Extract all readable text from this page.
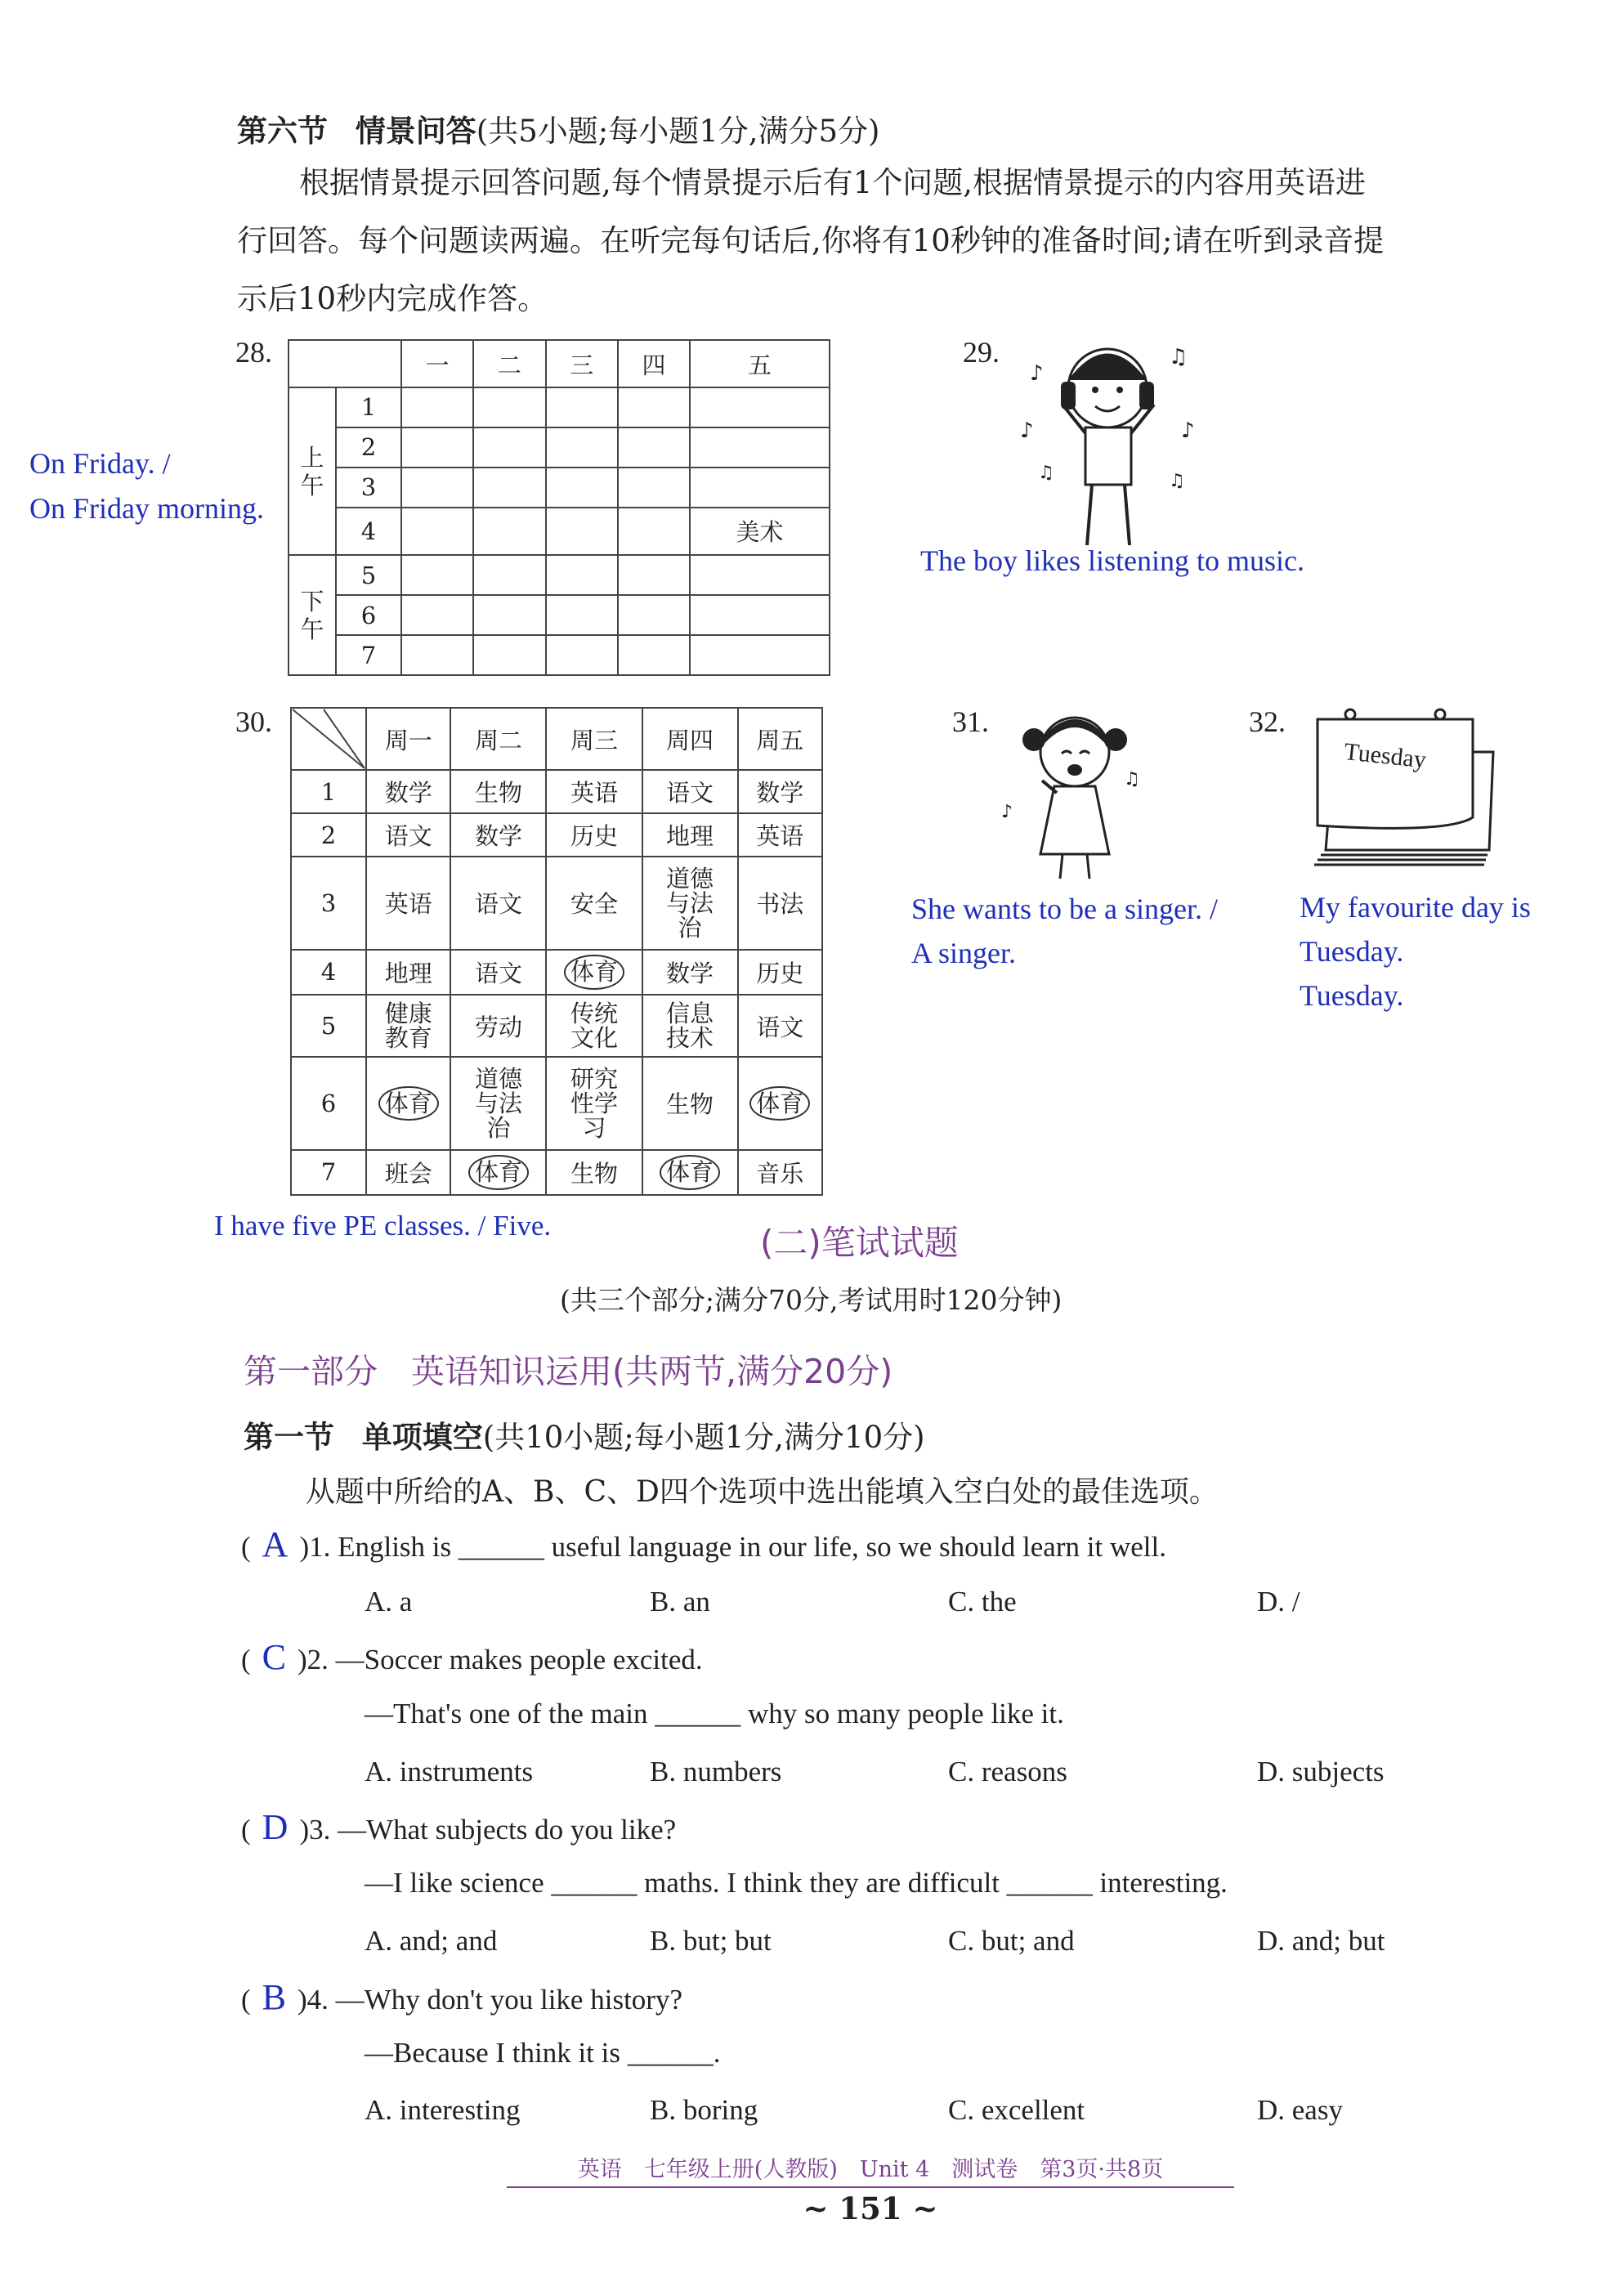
第六节 情景问答(共5小题;每小题1分,满分5分)
根据情景提示回答问题,每个情景提示后有1个问题,根据情景提示的内容用英语进
行回答。每个问题读两遍。在听完每句话后,你将有10秒钟的准备时间;请在听到录音提
示后10秒内完成作答。
28.
On Friday. /
On Friday morning.
		一	二	三	四	五
上午	1					
	2					
	3					
	4					美术
下午	5					
	6					
	7					
29.
♪
♫
♪	♪
♫	♫
The boy likes listening to music.
30.
	周一	周二	周三	周四	周五
1	数学	生物	英语	语文	数学
2	语文	数学	历史	地理	英语
3	英语	语文	安全	道德与法治	书法
4	地理	语文	体育	数学	历史
5	健康教育	劳动	传统文化	信息技术	语文
6	体育	道德与法治	研究性学习	生物	体育
7	班会	体育	生物	体育	音乐
I have five PE classes. / Five.
31.
♪
♫
She wants to be a singer. /
A singer.
32.
Tuesday
My favourite day is
Tuesday.
Tuesday.
(二)笔试试题
(共三个部分;满分70分,考试用时120分钟)
第一部分　英语知识运用(共两节,满分20分)
第一节 单项填空(共10小题;每小题1分,满分10分)
从题中所给的A、B、C、D四个选项中选出能填入空白处的最佳选项。
( A )1. English is ______ useful language in our life, so we should learn it well.
A. a	B. an	C. the	D. /
( C )2. —Soccer makes people excited.
—That's one of the main ______ why so many people like it.
A. instruments	B. numbers	C. reasons	D. subjects
( D )3. —What subjects do you like?
—I like science ______ maths. I think they are difficult ______ interesting.
A. and; and	B. but; but	C. but; and	D. and; but
( B )4. —Why don't you like history?
—Because I think it is ______.
A. interesting	B. boring	C. excellent	D. easy
英语　七年级上册(人教版)　Unit 4　测试卷　第3页·共8页
~ 151 ~
